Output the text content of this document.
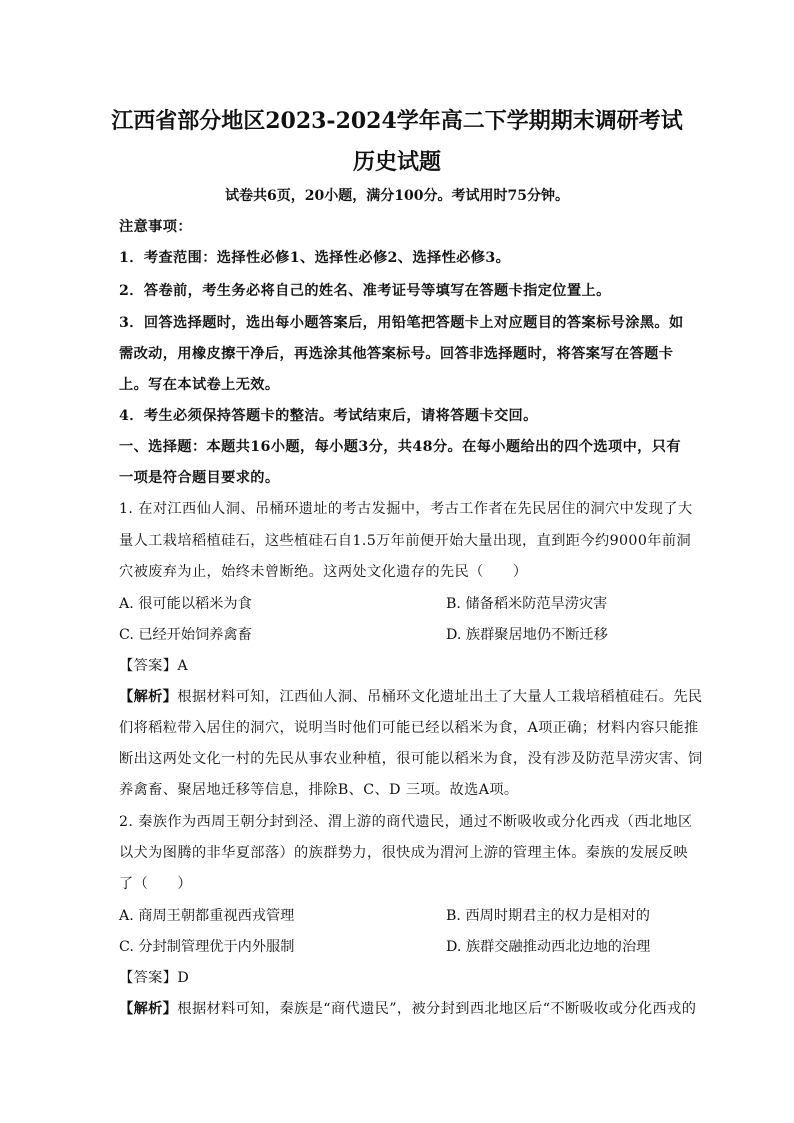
江西省部分地区2023-2024学年高二下学期期末调研考试
历史试题
试卷共6页，20小题，满分100分。考试用时75分钟。
注意事项：
1．考查范围：选择性必修1、选择性必修2、选择性必修3。
2．答卷前，考生务必将自己的姓名、准考证号等填写在答题卡指定位置上。
3．回答选择题时，选出每小题答案后，用铅笔把答题卡上对应题目的答案标号涂黑。如
需改动，用橡皮擦干净后，再选涂其他答案标号。回答非选择题时，将答案写在答题卡
上。写在本试卷上无效。
4．考生必须保持答题卡的整洁。考试结束后，请将答题卡交回。
一、选择题：本题共16小题，每小题3分，共48分。在每小题给出的四个选项中，只有
一项是符合题目要求的。
1. 在对江西仙人洞、吊桶环遗址的考古发掘中，考古工作者在先民居住的洞穴中发现了大
量人工栽培稻植硅石，这些植硅石自1.5万年前便开始大量出现，直到距今约9000年前洞
穴被废弃为止，始终未曾断绝。这两处文化遗存的先民（　　）
A. 很可能以稻米为食	B. 储备稻米防范旱涝灾害
C. 已经开始饲养禽畜	D. 族群聚居地仍不断迁移
【答案】A
【解析】根据材料可知，江西仙人洞、吊桶环文化遗址出土了大量人工栽培稻植硅石。先民
们将稻粒带入居住的洞穴，说明当时他们可能已经以稻米为食，A项正确；材料内容只能推
断出这两处文化一村的先民从事农业种植，很可能以稻米为食，没有涉及防范旱涝灾害、饲
养禽畜、聚居地迁移等信息，排除B、C、D 三项。故选A项。
2. 秦族作为西周王朝分封到泾、渭上游的商代遗民，通过不断吸收或分化西戎（西北地区
以犬为图腾的非华夏部落）的族群势力，很快成为渭河上游的管理主体。秦族的发展反映
了（　　）
A. 商周王朝都重视西戎管理	B. 西周时期君主的权力是相对的
C. 分封制管理优于内外服制	D. 族群交融推动西北边地的治理
【答案】D
【解析】根据材料可知，秦族是“商代遗民”，被分封到西北地区后“不断吸收或分化西戎的
